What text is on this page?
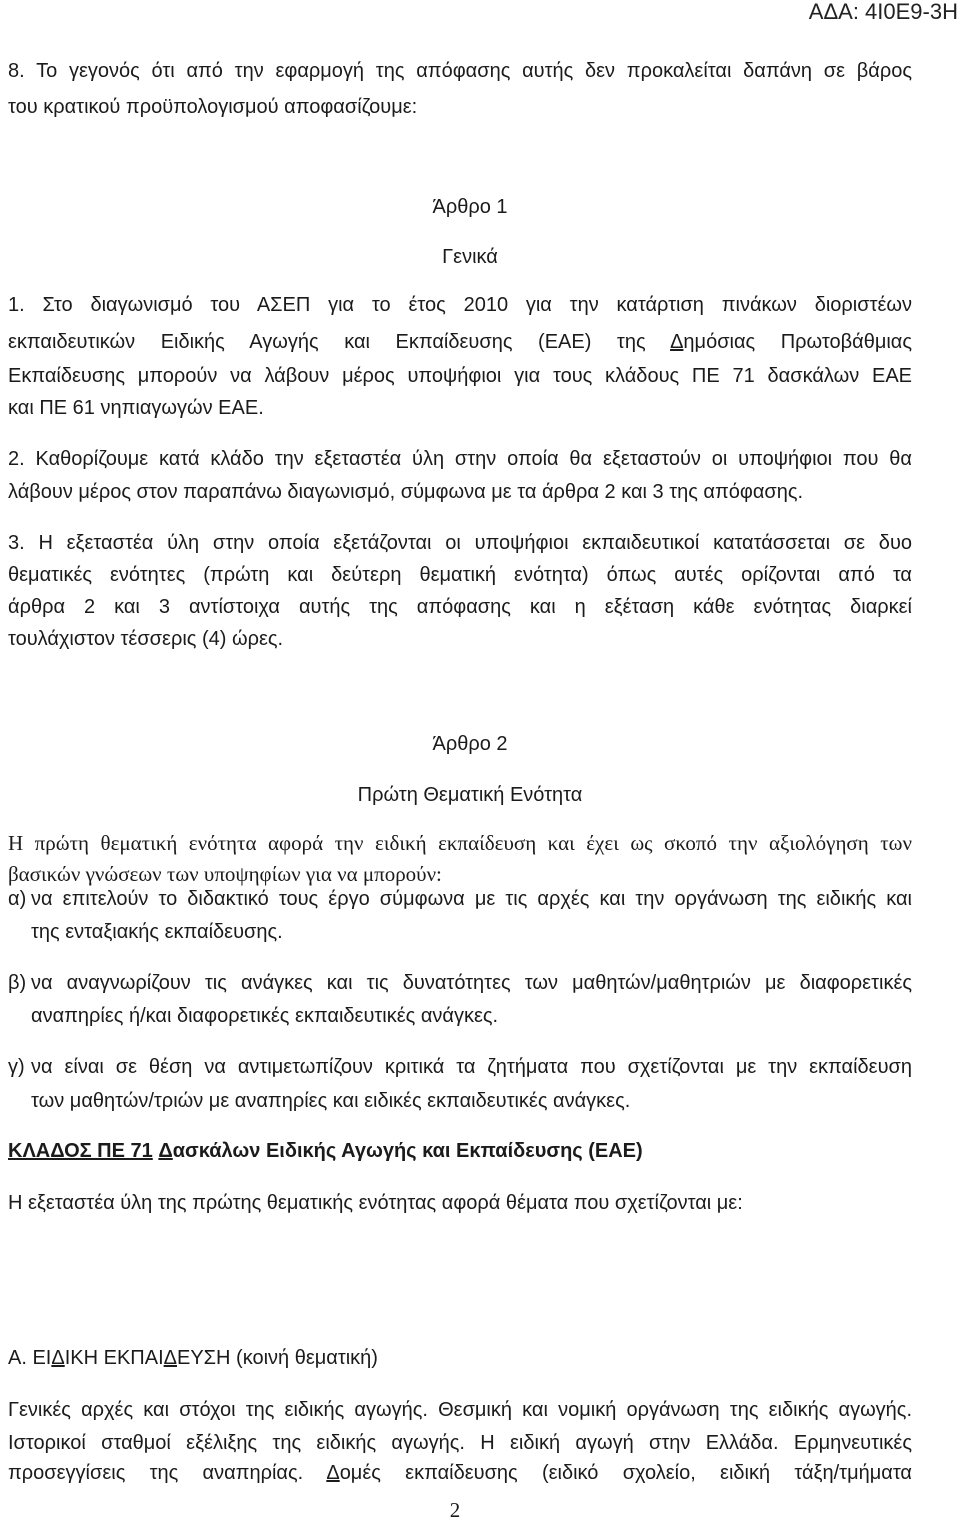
ΑΔΑ: 4Ι0Ε9-3Η
8. Το γεγονός ότι από την εφαρμογή της απόφασης αυτής δεν προκαλείται δαπάνη σε βάρος
του κρατικού προϋπολογισμού αποφασίζουμε:
Άρθρο 1
Γενικά
1. Στο διαγωνισμό του ΑΣΕΠ για το έτος 2010 για την κατάρτιση πινάκων διοριστέων
εκπαιδευτικών Ειδικής Αγωγής και Εκπαίδευσης (ΕΑΕ) της Δημόσιας Πρωτοβάθμιας
Εκπαίδευσης μπορούν να λάβουν μέρος υποψήφιοι για τους κλάδους ΠΕ 71 δασκάλων ΕΑΕ
και ΠΕ 61 νηπιαγωγών ΕΑΕ.
2. Καθορίζουμε κατά κλάδο την εξεταστέα ύλη στην οποία θα εξεταστούν οι υποψήφιοι που θα
λάβουν μέρος στον παραπάνω διαγωνισμό, σύμφωνα με τα άρθρα 2 και 3 της απόφασης.
3. Η εξεταστέα ύλη στην οποία εξετάζονται οι υποψήφιοι εκπαιδευτικοί κατατάσσεται σε δυο
θεματικές ενότητες (πρώτη και δεύτερη θεματική ενότητα) όπως αυτές ορίζονται από τα
άρθρα 2 και 3 αντίστοιχα αυτής της απόφασης και η εξέταση κάθε ενότητας διαρκεί
τουλάχιστον τέσσερις (4) ώρες.
Άρθρο 2
Πρώτη Θεματική Ενότητα
Η πρώτη θεματική ενότητα αφορά την ειδική εκπαίδευση και έχει ως σκοπό την αξιολόγηση των
βασικών γνώσεων των υποψηφίων για να μπορούν:
α) να επιτελούν το διδακτικό τους έργο σύμφωνα με τις αρχές και την οργάνωση της ειδικής και
της ενταξιακής εκπαίδευσης.
β) να αναγνωρίζουν τις ανάγκες και τις δυνατότητες των μαθητών/μαθητριών με διαφορετικές
αναπηρίες ή/και διαφορετικές εκπαιδευτικές ανάγκες.
γ) να είναι σε θέση να αντιμετωπίζουν κριτικά τα ζητήματα που σχετίζονται με την εκπαίδευση
των μαθητών/τριών με αναπηρίες και ειδικές εκπαιδευτικές ανάγκες.
ΚΛΑΔΟΣ ΠΕ 71 Δασκάλων Ειδικής Αγωγής και Εκπαίδευσης (ΕΑΕ)
Η εξεταστέα ύλη της πρώτης θεματικής ενότητας αφορά θέματα που σχετίζονται με:
Α. ΕΙΔΙΚΗ ΕΚΠΑΙΔΕΥΣΗ (κοινή θεματική)
Γενικές αρχές και στόχοι της ειδικής αγωγής. Θεσμική και νομική οργάνωση της ειδικής αγωγής.
Ιστορικοί σταθμοί εξέλιξης της ειδικής αγωγής. Η ειδική αγωγή στην Ελλάδα. Ερμηνευτικές
προσεγγίσεις της αναπηρίας. Δομές εκπαίδευσης (ειδικό σχολείο, ειδική τάξη/τμήματα
2
